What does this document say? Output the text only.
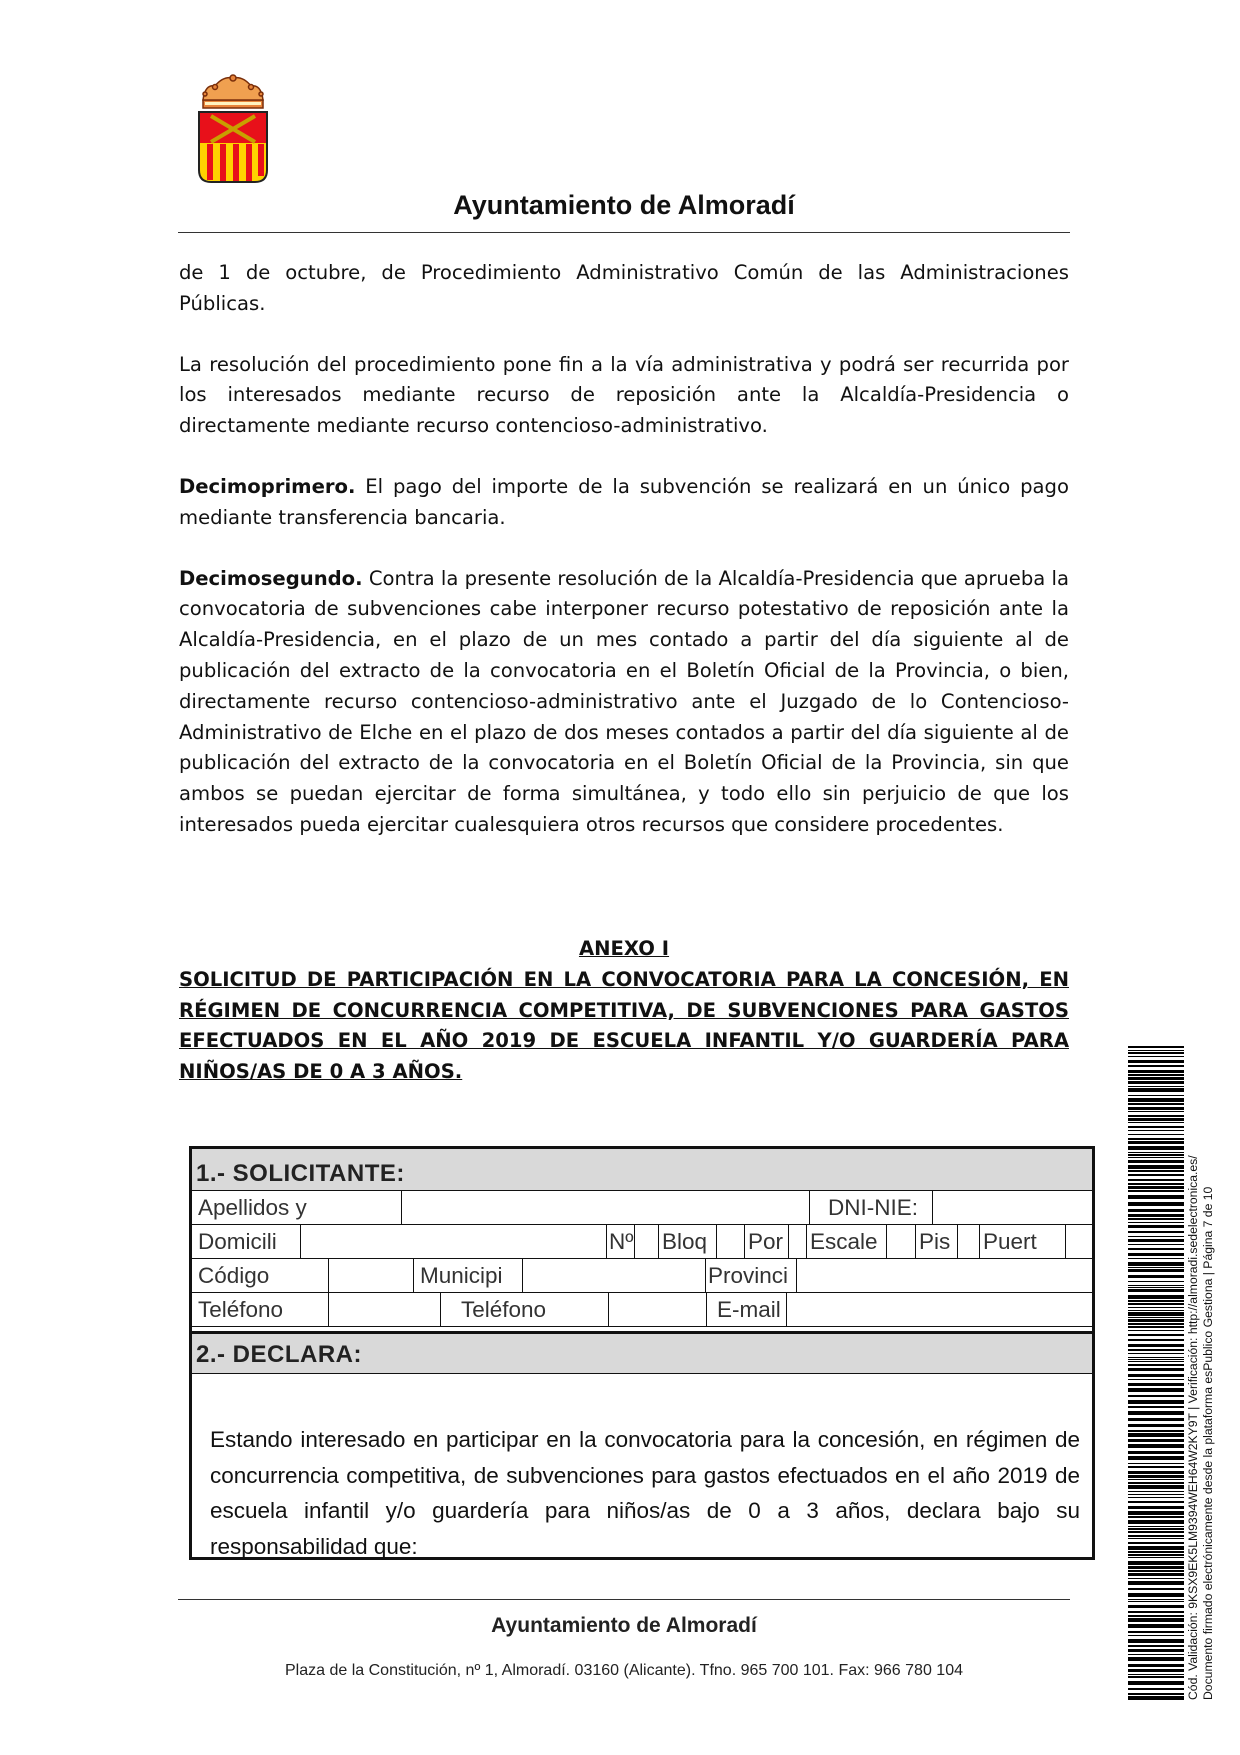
Ayuntamiento de Almoradí

de 1 de octubre, de Procedimiento Administrativo Común de las Administraciones Públicas.

La resolución del procedimiento pone fin a la vía administrativa y podrá ser recurrida por los interesados mediante recurso de reposición ante la Alcaldía-Presidencia o directamente mediante recurso contencioso-administrativo.

Decimoprimero. El pago del importe de la subvención se realizará en un único pago mediante transferencia bancaria.

Decimosegundo. Contra la presente resolución de la Alcaldía-Presidencia que aprueba la convocatoria de subvenciones cabe interponer recurso potestativo de reposición ante la Alcaldía-Presidencia, en el plazo de un mes contado a partir del día siguiente al de publicación del extracto de la convocatoria en el Boletín Oficial de la Provincia, o bien, directamente recurso contencioso-administrativo ante el Juzgado de lo Contencioso-Administrativo de Elche en el plazo de dos meses contados a partir del día siguiente al de publicación del extracto de la convocatoria en el Boletín Oficial de la Provincia, sin que ambos se puedan ejercitar de forma simultánea, y todo ello sin perjuicio de que los interesados pueda ejercitar cualesquiera otros recursos que considere procedentes.

ANEXO I
SOLICITUD DE PARTICIPACIÓN EN LA CONVOCATORIA PARA LA CONCESIÓN, EN RÉGIMEN DE CONCURRENCIA COMPETITIVA, DE SUBVENCIONES PARA GASTOS EFECTUADOS EN EL AÑO 2019 DE ESCUELA INFANTIL Y/O GUARDERÍA PARA NIÑOS/AS DE 0 A 3 AÑOS.
1.- SOLICITANTE:
Apellidos y	DNI-NIE:
Domicili	Nº Bloq	Por Escale	Pis	Puert
Código	Municipi	Provinci
Teléfono	Teléfono	E-mail
2.- DECLARA:
Estando interesado en participar en la convocatoria para la concesión, en régimen de concurrencia competitiva, de subvenciones para gastos efectuados en el año 2019 de escuela infantil y/o guardería para niños/as de 0 a 3 años, declara bajo su responsabilidad que:
Ayuntamiento de Almoradí
Plaza de la Constitución, nº 1, Almoradí. 03160 (Alicante). Tfno. 965 700 101. Fax: 966 780 104	Cód. Validación: 9KSX9EK5LM9394WEH64W2KY9T | Verificación: http://almoradi.sedelectronica.es/ Documento firmado electrónicamente desde la plataforma esPublico Gestiona | Página 7 de 10
